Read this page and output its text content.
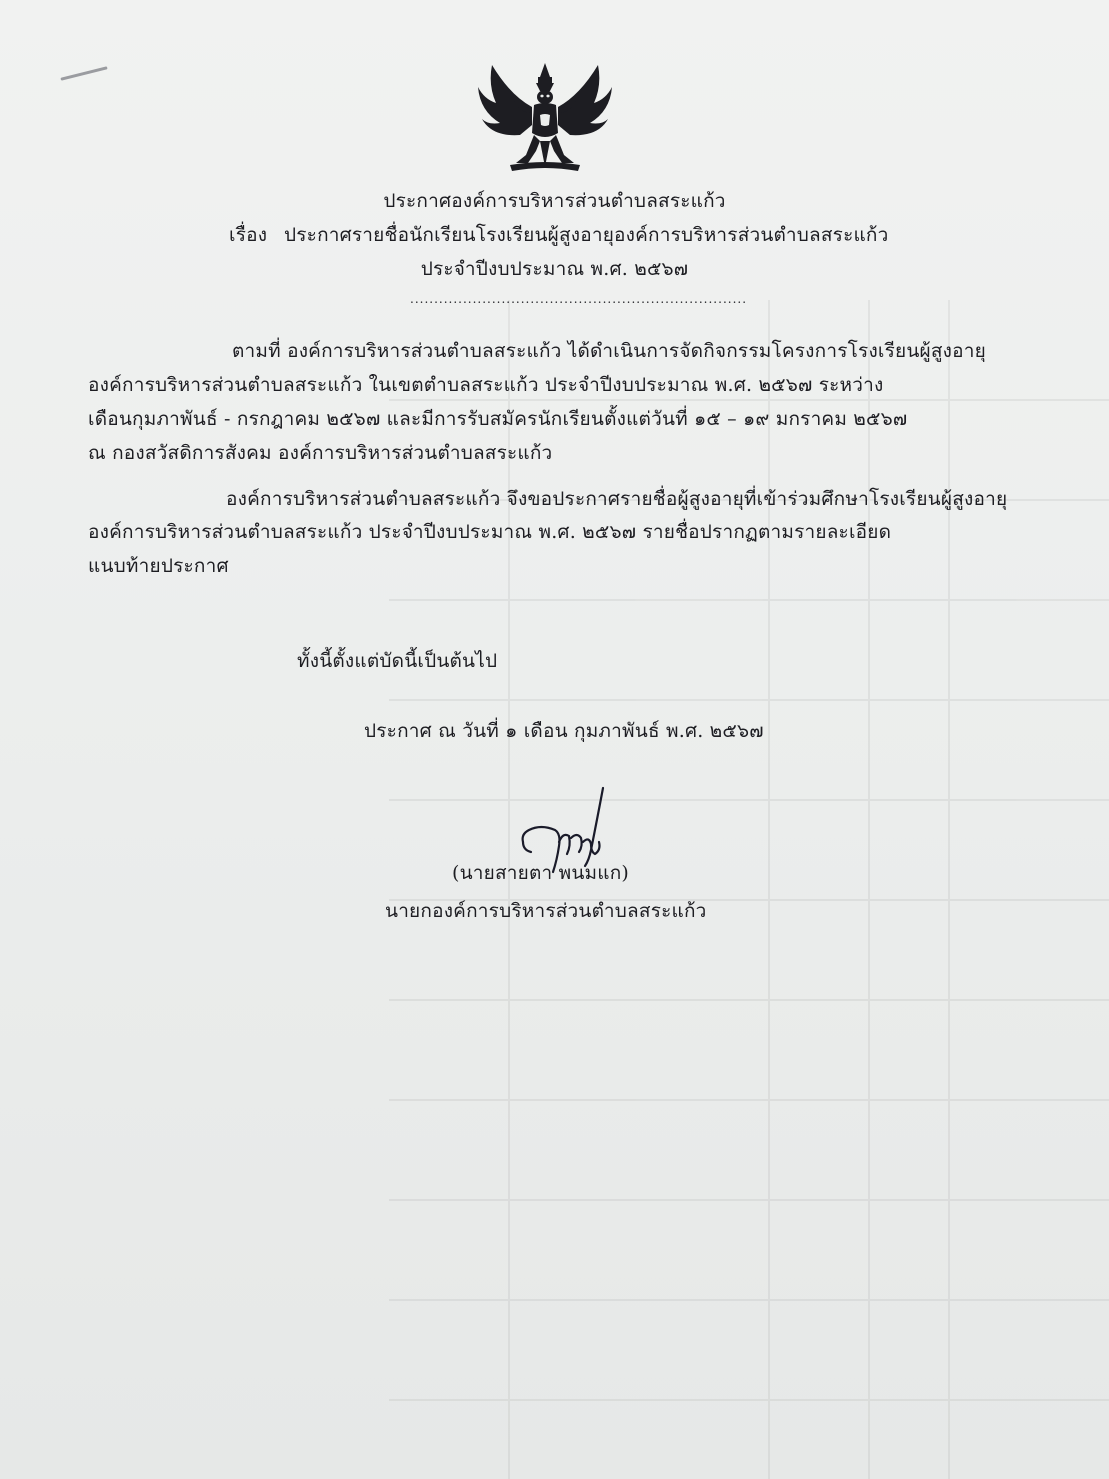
ประกาศองค์การบริหารส่วนตำบลสระแก้ว
เรื่อง ประกาศรายชื่อนักเรียนโรงเรียนผู้สูงอายุองค์การบริหารส่วนตำบลสระแก้ว
ประจำปีงบประมาณ พ.ศ. ๒๕๖๗
......................................................................
ตามที่ องค์การบริหารส่วนตำบลสระแก้ว ได้ดำเนินการจัดกิจกรรมโครงการโรงเรียนผู้สูงอายุ
องค์การบริหารส่วนตำบลสระแก้ว ในเขตตำบลสระแก้ว ประจำปีงบประมาณ พ.ศ. ๒๕๖๗ ระหว่าง
เดือนกุมภาพันธ์ - กรกฎาคม ๒๕๖๗ และมีการรับสมัครนักเรียนตั้งแต่วันที่ ๑๕ – ๑๙ มกราคม ๒๕๖๗
ณ กองสวัสดิการสังคม องค์การบริหารส่วนตำบลสระแก้ว
องค์การบริหารส่วนตำบลสระแก้ว จึงขอประกาศรายชื่อผู้สูงอายุที่เข้าร่วมศึกษาโรงเรียนผู้สูงอายุ
องค์การบริหารส่วนตำบลสระแก้ว ประจำปีงบประมาณ พ.ศ. ๒๕๖๗ รายชื่อปรากฏตามรายละเอียด
แนบท้ายประกาศ
ทั้งนี้ตั้งแต่บัดนี้เป็นต้นไป
ประกาศ ณ วันที่ ๑ เดือน กุมภาพันธ์ พ.ศ. ๒๕๖๗
(นายสายตา พนมแก)
นายกองค์การบริหารส่วนตำบลสระแก้ว
